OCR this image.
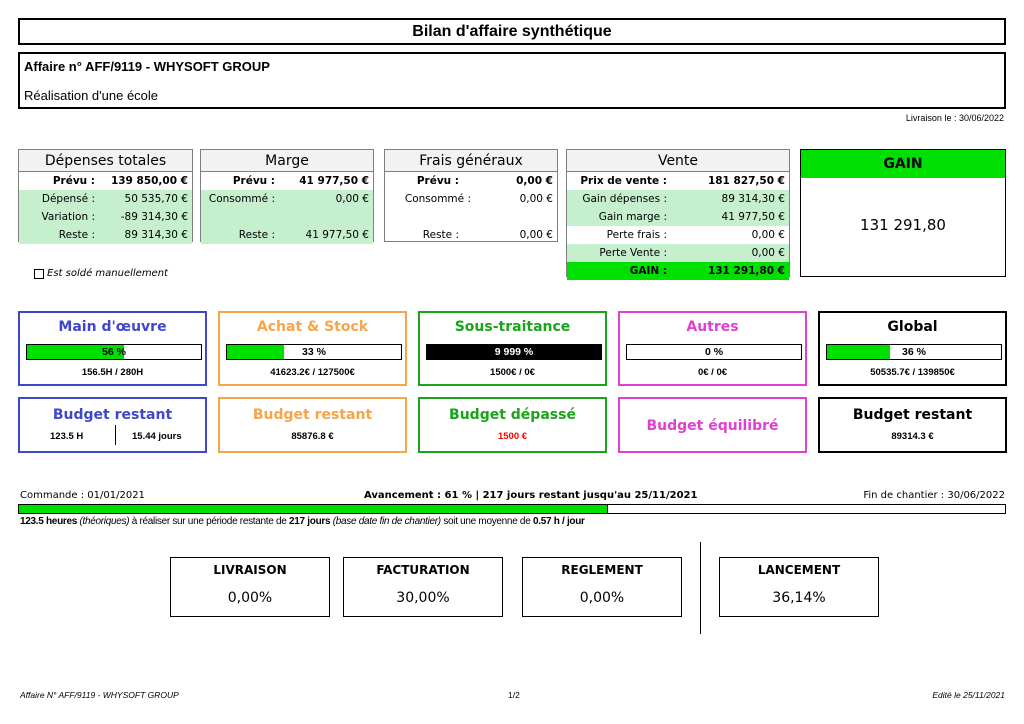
Bilan d'affaire synthétique
Affaire n° AFF/9119 - WHYSOFT GROUP
Réalisation d'une école
Livraison le : 30/06/2022
Dépenses totales
Prévu :	139 850,00 €
Dépensé :	50 535,70 €
Variation :	-89 314,30 €
Reste :	89 314,30 €
Marge
Prévu :	41 977,50 €
Consommé :	0,00 €
Reste :	41 977,50 €
Frais généraux
Prévu :	0,00 €
Consommé :	0,00 €
Reste :	0,00 €
Vente
Prix de vente :	181 827,50 €
Gain dépenses :	89 314,30 €
Gain marge :	41 977,50 €
Perte frais :	0,00 €
Perte Vente :	0,00 €
GAIN :	131 291,80 €
GAIN
131 291,80
Est soldé manuellement
Main d'œuvre
56 %
156.5H / 280H
Achat & Stock
33 %
41623.2€ / 127500€
Sous-traitance
9 999 %
1500€ / 0€
Autres
0 %
0€ / 0€
Global
36 %
50535.7€ / 139850€
Budget restant
123.5 H	15.44 jours
Budget restant
85876.8 €
Budget dépassé
1500 €
Budget équilibré
Budget restant
89314.3 €
Commande : 01/01/2021	Avancement : 61 % | 217 jours restant jusqu'au 25/11/2021	Fin de chantier : 30/06/2022
123.5 heures (théoriques) à réaliser sur une période restante de 217 jours (base date fin de chantier) soit une moyenne de 0.57 h / jour
LIVRAISON
0,00%
FACTURATION
30,00%
REGLEMENT
0,00%
LANCEMENT
36,14%
Affaire N° AFF/9119 - WHYSOFT GROUP	1/2	Edité le 25/11/2021
